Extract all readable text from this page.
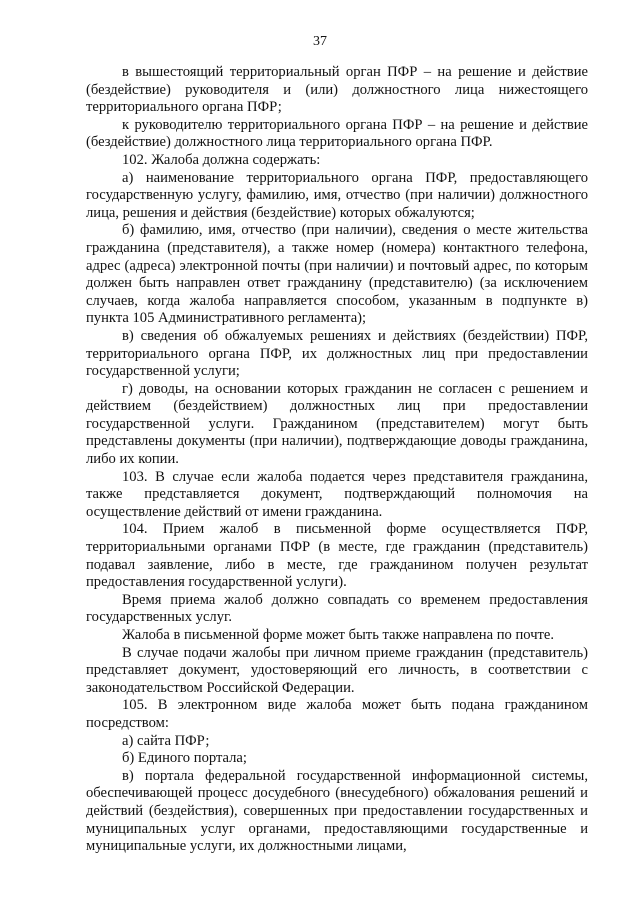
37

в вышестоящий территориальный орган ПФР – на решение и действие (бездействие) руководителя и (или) должностного лица нижестоящего территориального органа ПФР;

к руководителю территориального органа ПФР – на решение и действие (бездействие) должностного лица территориального органа ПФР.

102. Жалоба должна содержать:

а) наименование территориального органа ПФР, предоставляющего государственную услугу, фамилию, имя, отчество (при наличии) должностного лица, решения и действия (бездействие) которых обжалуются;

б) фамилию, имя, отчество (при наличии), сведения о месте жительства гражданина (представителя), а также номер (номера) контактного телефона, адрес (адреса) электронной почты (при наличии) и почтовый адрес, по которым должен быть направлен ответ гражданину (представителю) (за исключением случаев, когда жалоба направляется способом, указанным в подпункте в) пункта 105 Административного регламента);

в) сведения об обжалуемых решениях и действиях (бездействии) ПФР, территориального органа ПФР, их должностных лиц при предоставлении государственной услуги;

г) доводы, на основании которых гражданин не согласен с решением и действием (бездействием) должностных лиц при предоставлении государственной услуги. Гражданином (представителем) могут быть представлены документы (при наличии), подтверждающие доводы гражданина, либо их копии.

103. В случае если жалоба подается через представителя гражданина, также представляется документ, подтверждающий полномочия на осуществление действий от имени гражданина.

104. Прием жалоб в письменной форме осуществляется ПФР, территориальными органами ПФР (в месте, где гражданин (представитель) подавал заявление, либо в месте, где гражданином получен результат предоставления государственной услуги).

Время приема жалоб должно совпадать со временем предоставления государственных услуг.

Жалоба в письменной форме может быть также направлена по почте.

В случае подачи жалобы при личном приеме гражданин (представитель) представляет документ, удостоверяющий его личность, в соответствии с законодательством Российской Федерации.

105. В электронном виде жалоба может быть подана гражданином посредством:

а) сайта ПФР;

б) Единого портала;

в) портала федеральной государственной информационной системы, обеспечивающей процесс досудебного (внесудебного) обжалования решений и действий (бездействия), совершенных при предоставлении государственных и муниципальных услуг органами, предоставляющими государственные и муниципальные услуги, их должностными лицами,
